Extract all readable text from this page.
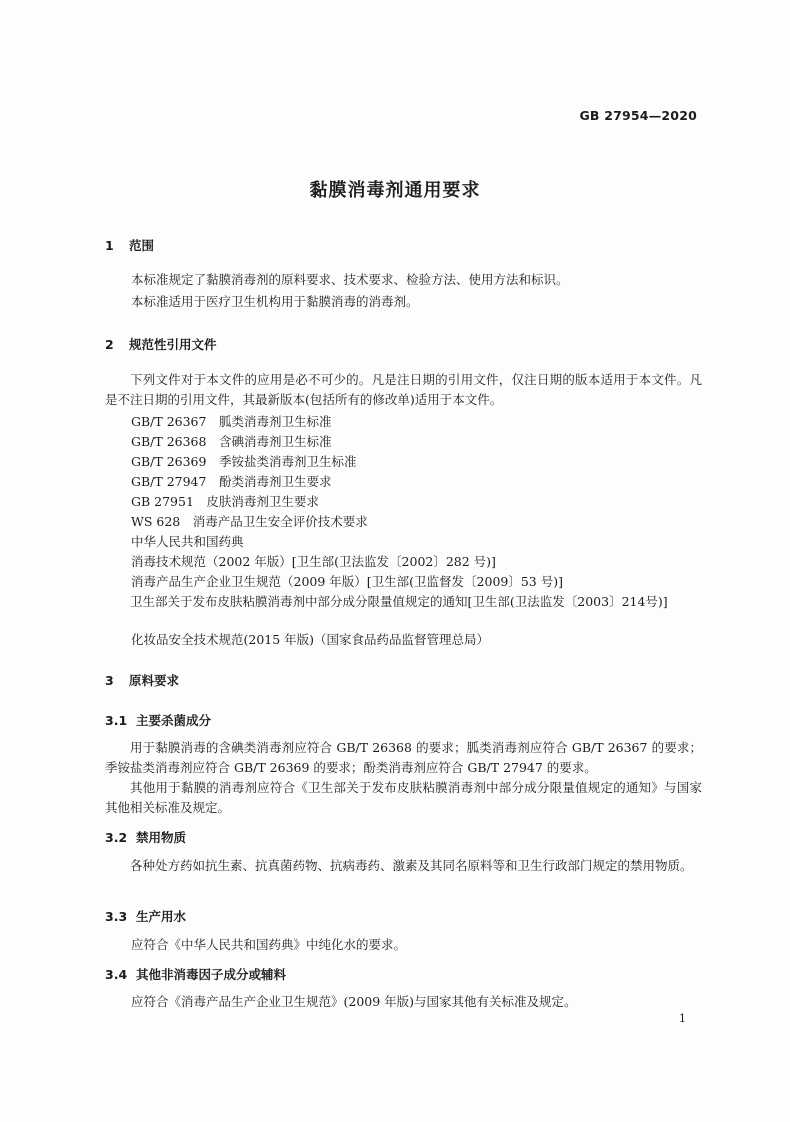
GB 27954—2020
黏膜消毒剂通用要求
1 范围
本标准规定了黏膜消毒剂的原料要求、技术要求、检验方法、使用方法和标识。
本标准适用于医疗卫生机构用于黏膜消毒的消毒剂。
2 规范性引用文件
下列文件对于本文件的应用是必不可少的。凡是注日期的引用文件，仅注日期的版本适用于本文件。凡是不注日期的引用文件，其最新版本(包括所有的修改单)适用于本文件。
GB/T 26367　胍类消毒剂卫生标准
GB/T 26368　含碘消毒剂卫生标准
GB/T 26369　季铵盐类消毒剂卫生标准
GB/T 27947　酚类消毒剂卫生要求
GB 27951　皮肤消毒剂卫生要求
WS 628　消毒产品卫生安全评价技术要求
中华人民共和国药典
消毒技术规范（2002 年版）[卫生部(卫法监发〔2002〕282 号)]
消毒产品生产企业卫生规范（2009 年版）[卫生部(卫监督发〔2009〕53 号)]
卫生部关于发布皮肤粘膜消毒剂中部分成分限量值规定的通知[卫生部(卫法监发〔2003〕214号)]
化妆品安全技术规范(2015 年版)（国家食品药品监督管理总局）
3 原料要求
3.1 主要杀菌成分
用于黏膜消毒的含碘类消毒剂应符合 GB/T 26368 的要求；胍类消毒剂应符合 GB/T 26367 的要求；季铵盐类消毒剂应符合 GB/T 26369 的要求；酚类消毒剂应符合 GB/T 27947 的要求。
其他用于黏膜的消毒剂应符合《卫生部关于发布皮肤粘膜消毒剂中部分成分限量值规定的通知》与国家其他相关标准及规定。
3.2 禁用物质
各种处方药如抗生素、抗真菌药物、抗病毒药、激素及其同名原料等和卫生行政部门规定的禁用物质。
3.3 生产用水
应符合《中华人民共和国药典》中纯化水的要求。
3.4 其他非消毒因子成分或辅料
应符合《消毒产品生产企业卫生规范》(2009 年版)与国家其他有关标准及规定。
1
